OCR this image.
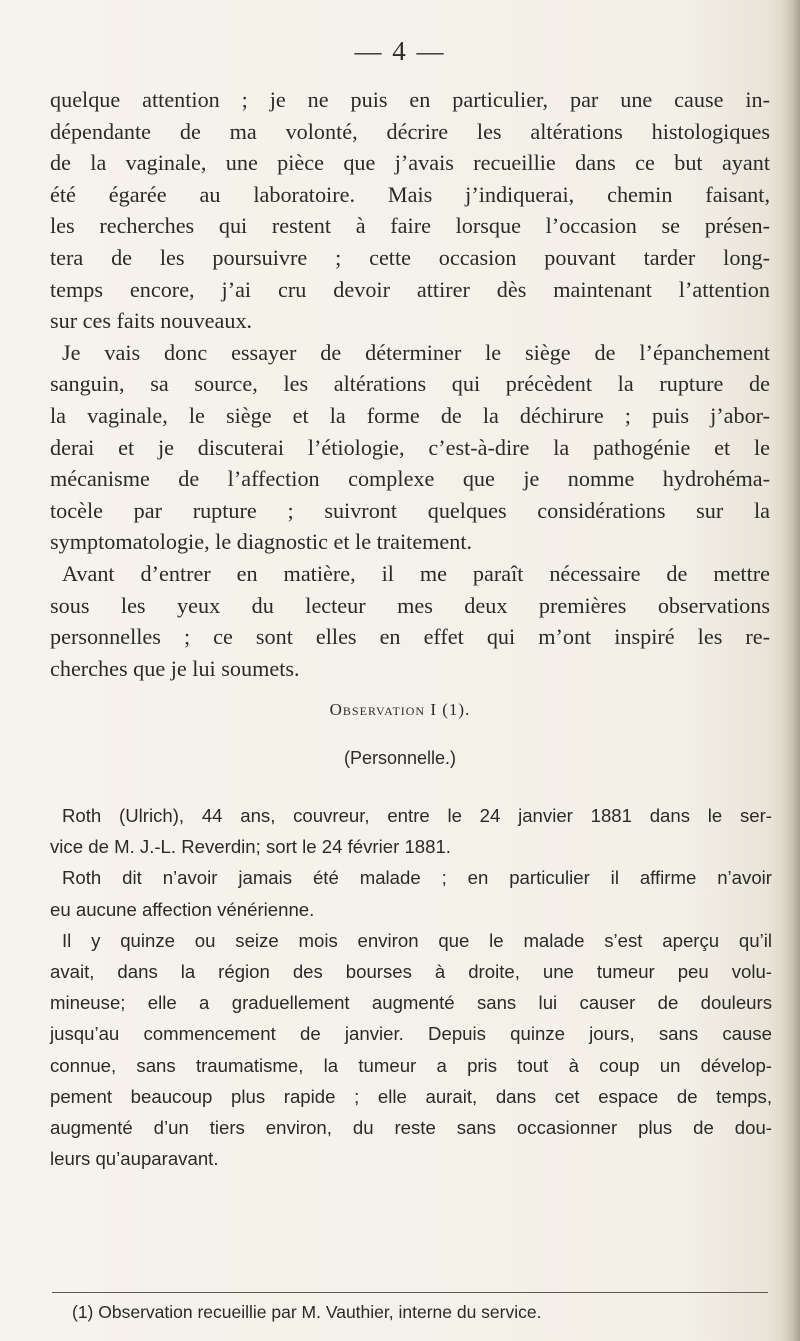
— 4 —
quelque attention ; je ne puis en particulier, par une cause in-
dépendante de ma volonté, décrire les altérations histologiques
de la vaginale, une pièce que j’avais recueillie dans ce but ayant
été égarée au laboratoire. Mais j’indiquerai, chemin faisant,
les recherches qui restent à faire lorsque l’occasion se présen-
tera de les poursuivre ; cette occasion pouvant tarder long-
temps encore, j’ai cru devoir attirer dès maintenant l’attention
sur ces faits nouveaux.
Je vais donc essayer de déterminer le siège de l’épanchement
sanguin, sa source, les altérations qui précèdent la rupture de
la vaginale, le siège et la forme de la déchirure ; puis j’abor-
derai et je discuterai l’étiologie, c’est-à-dire la pathogénie et le
mécanisme de l’affection complexe que je nomme hydrohéma-
tocèle par rupture ; suivront quelques considérations sur la
symptomatologie, le diagnostic et le traitement.
Avant d’entrer en matière, il me paraît nécessaire de mettre
sous les yeux du lecteur mes deux premières observations
personnelles ; ce sont elles en effet qui m’ont inspiré les re-
cherches que je lui soumets.
Observation I (1).
(Personnelle.)
Roth (Ulrich), 44 ans, couvreur, entre le 24 janvier 1881 dans le ser-
vice de M. J.-L. Reverdin; sort le 24 février 1881.
Roth dit n’avoir jamais été malade ; en particulier il affirme n’avoir
eu aucune affection vénérienne.
Il y quinze ou seize mois environ que le malade s’est aperçu qu’il
avait, dans la région des bourses à droite, une tumeur peu volu-
mineuse; elle a graduellement augmenté sans lui causer de douleurs
jusqu’au commencement de janvier. Depuis quinze jours, sans cause
connue, sans traumatisme, la tumeur a pris tout à coup un dévelop-
pement beaucoup plus rapide ; elle aurait, dans cet espace de temps,
augmenté d’un tiers environ, du reste sans occasionner plus de dou-
leurs qu’auparavant.
(1) Observation recueillie par M. Vauthier, interne du service.
